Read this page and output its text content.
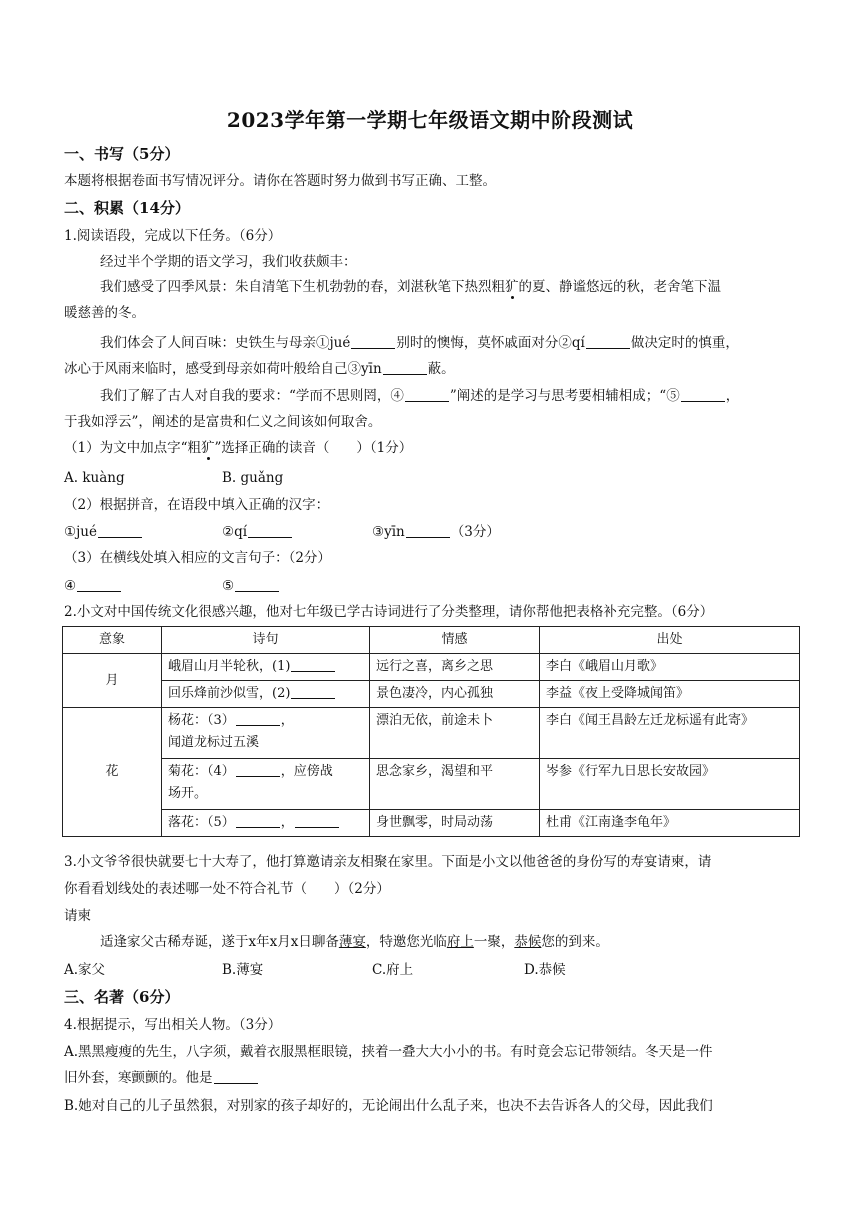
2023学年第一学期七年级语文期中阶段测试
一、书写（5分）
本题将根据卷面书写情况评分。请你在答题时努力做到书写正确、工整。
二、积累（14分）
1.阅读语段，完成以下任务。（6分）
经过半个学期的语文学习，我们收获颇丰：
我们感受了四季风景：朱自清笔下生机勃勃的春，刘湛秋笔下热烈粗犷的夏、静谧悠远的秋，老舍笔下温
暖慈善的冬。
我们体会了人间百味：史铁生与母亲①jué	别时的懊悔，莫怀戚面对分②qí	做决定时的慎重，
冰心于风雨来临时，感受到母亲如荷叶般给自己③yīn	蔽。
我们了解了古人对自我的要求：“学而不思则罔，④	”阐述的是学习与思考要相辅相成；“⑤	，
于我如浮云”，阐述的是富贵和仁义之间该如何取舍。
（1）为文中加点字“粗犷”选择正确的读音（　　）（1分）
A. kuàng	B. guǎng
（2）根据拼音，在语段中填入正确的汉字：
①jué	②qí	③yīn	（3分）
（3）在横线处填入相应的文言句子：（2分）
④	⑤
2.小文对中国传统文化很感兴趣，他对七年级已学古诗词进行了分类整理，请你帮他把表格补充完整。（6分）
意象	诗句	情感	出处
月	峨眉山月半轮秋，(1)	远行之喜，离乡之思	李白《峨眉山月歌》
	回乐烽前沙似雪，(2)	景色凄冷，内心孤独	李益《夜上受降城闻笛》
花	杨花：（3） ，
闻道龙标过五溪	漂泊无依，前途未卜	李白《闻王昌龄左迁龙标遥有此寄》
	菊花：（4） ，应傍战
场开。	思念家乡，渴望和平	岑参《行军九日思长安故园》
	落花：（5） ，	身世飘零，时局动荡	杜甫《江南逢李龟年》
3.小文爷爷很快就要七十大寿了，他打算邀请亲友相聚在家里。下面是小文以他爸爸的身份写的寿宴请柬，请
你看看划线处的表述哪一处不符合礼节（　　）（2分）
请柬
适逢家父古稀寿诞，遂于x年x月x日聊备薄宴，特邀您光临府上一聚，恭候您的到来。
A.家父	B.薄宴	C.府上	D.恭候
三、名著（6分）
4.根据提示，写出相关人物。（3分）
A.黑黑瘦瘦的先生，八字须，戴着衣服黑框眼镜，挟着一叠大大小小的书。有时竟会忘记带领结。冬天是一件
旧外套，寒颤颤的。他是
B.她对自己的儿子虽然狠，对别家的孩子却好的，无论闹出什么乱子来，也决不去告诉各人的父母，因此我们
